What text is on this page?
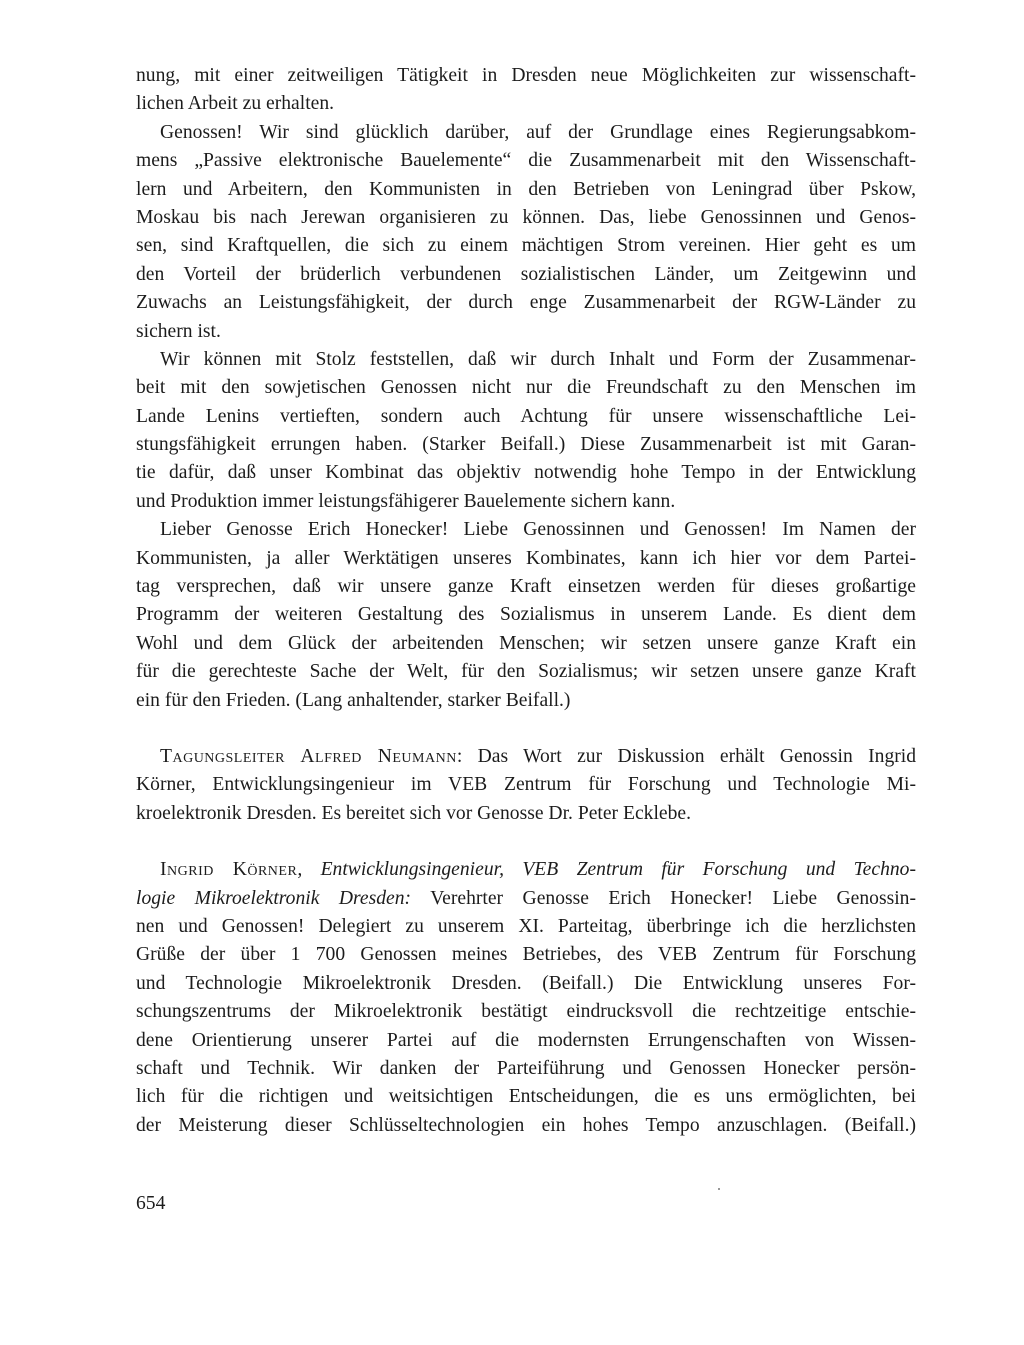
nung, mit einer zeitweiligen Tätigkeit in Dresden neue Möglichkeiten zur wissenschaft-
lichen Arbeit zu erhalten.
Genossen! Wir sind glücklich darüber, auf der Grundlage eines Regierungsabkom-
mens „Passive elektronische Bauelemente“ die Zusammenarbeit mit den Wissenschaft-
lern und Arbeitern, den Kommunisten in den Betrieben von Leningrad über Pskow,
Moskau bis nach Jerewan organisieren zu können. Das, liebe Genossinnen und Genos-
sen, sind Kraftquellen, die sich zu einem mächtigen Strom vereinen. Hier geht es um
den Vorteil der brüderlich verbundenen sozialistischen Länder, um Zeitgewinn und
Zuwachs an Leistungsfähigkeit, der durch enge Zusammenarbeit der RGW-Länder zu
sichern ist.
Wir können mit Stolz feststellen, daß wir durch Inhalt und Form der Zusammenar-
beit mit den sowjetischen Genossen nicht nur die Freundschaft zu den Menschen im
Lande Lenins vertieften, sondern auch Achtung für unsere wissenschaftliche Lei-
stungsfähigkeit errungen haben. (Starker Beifall.) Diese Zusammenarbeit ist mit Garan-
tie dafür, daß unser Kombinat das objektiv notwendig hohe Tempo in der Entwicklung
und Produktion immer leistungsfähigerer Bauelemente sichern kann.
Lieber Genosse Erich Honecker! Liebe Genossinnen und Genossen! Im Namen der
Kommunisten, ja aller Werktätigen unseres Kombinates, kann ich hier vor dem Partei-
tag versprechen, daß wir unsere ganze Kraft einsetzen werden für dieses großartige
Programm der weiteren Gestaltung des Sozialismus in unserem Lande. Es dient dem
Wohl und dem Glück der arbeitenden Menschen; wir setzen unsere ganze Kraft ein
für die gerechteste Sache der Welt, für den Sozialismus; wir setzen unsere ganze Kraft
ein für den Frieden. (Lang anhaltender, starker Beifall.)
Tagungsleiter Alfred Neumann: Das Wort zur Diskussion erhält Genossin Ingrid
Körner, Entwicklungsingenieur im VEB Zentrum für Forschung und Technologie Mi-
kroelektronik Dresden. Es bereitet sich vor Genosse Dr. Peter Ecklebe.
Ingrid Körner, Entwicklungsingenieur, VEB Zentrum für Forschung und Techno-
logie Mikroelektronik Dresden: Verehrter Genosse Erich Honecker! Liebe Genossin-
nen und Genossen! Delegiert zu unserem XI. Parteitag, überbringe ich die herzlichsten
Grüße der über 1 700 Genossen meines Betriebes, des VEB Zentrum für Forschung
und Technologie Mikroelektronik Dresden. (Beifall.) Die Entwicklung unseres For-
schungszentrums der Mikroelektronik bestätigt eindrucksvoll die rechtzeitige entschie-
dene Orientierung unserer Partei auf die modernsten Errungenschaften von Wissen-
schaft und Technik. Wir danken der Parteiführung und Genossen Honecker persön-
lich für die richtigen und weitsichtigen Entscheidungen, die es uns ermöglichten, bei
der Meisterung dieser Schlüsseltechnologien ein hohes Tempo anzuschlagen. (Beifall.)
654
